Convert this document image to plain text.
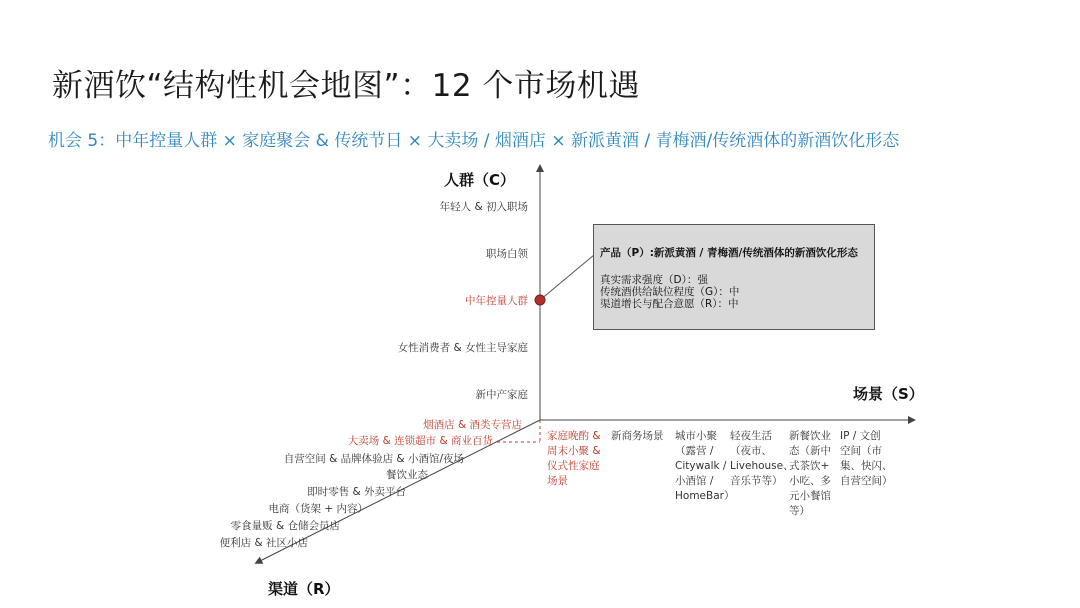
新酒饮“结构性机会地图”：12 个市场机遇
机会 5：中年控量人群 × 家庭聚会 & 传统节日 × 大卖场 / 烟酒店 × 新派黄酒 / 青梅酒/传统酒体的新酒饮化形态
人群（C）
场景（S）
渠道（R）
年轻人 & 初入职场
职场白领
中年控量人群
女性消费者 & 女性主导家庭
新中产家庭
烟酒店 & 酒类专营店
大卖场 & 连锁超市 & 商业百货
自营空间 & 品牌体验店 & 小酒馆/夜场
餐饮业态
即时零售 & 外卖平台
电商（货架 + 内容）
零食量贩 & 仓储会员店
便利店 & 社区小店
家庭晚酌 &
周末小聚 &
仪式性家庭
场景
新商务场景 城市小聚
（露营 /
Citywalk /
小酒馆 /
HomeBar）
轻夜生活
（夜市、
Livehouse、
音乐节等）
新餐饮业
态（新中
式茶饮+
小吃、多
元小餐馆
等）
IP / 文创
空间（市
集、快闪、
自营空间）
产品（P）:新派黄酒 / 青梅酒/传统酒体的新酒饮化形态
真实需求强度（D）：强
传统酒供给缺位程度（G）：中
渠道增长与配合意愿（R）：中
